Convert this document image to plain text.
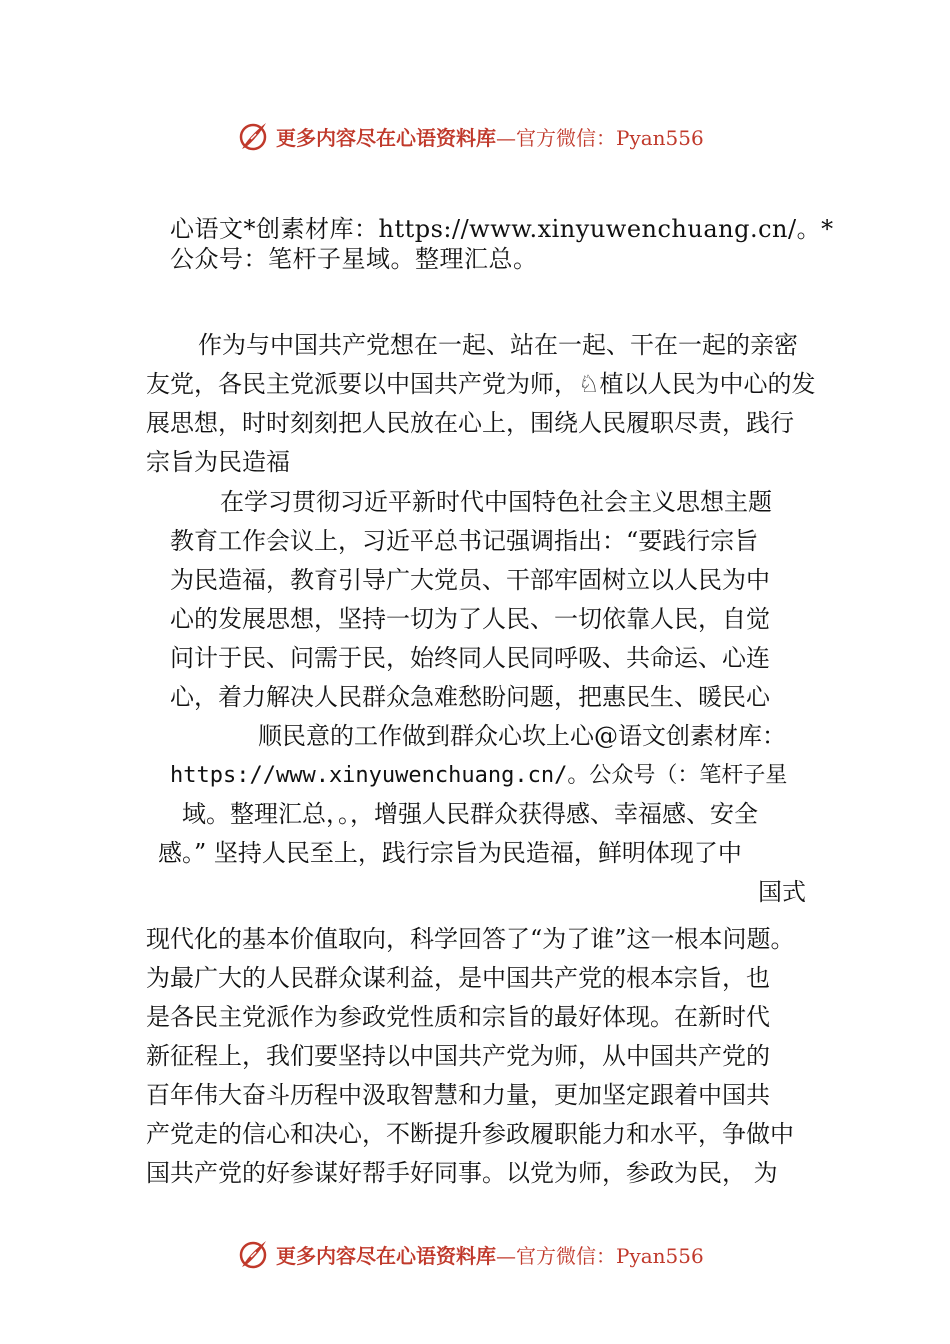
更多内容尽在心语资料库—官方微信：Pyan556
心语文*创素材库：https://www.xinyuwenchuang.cn/。*
公众号：笔杆子星域。整理汇总。

作为与中国共产党想在一起、站在一起、干在一起的亲密友党，各民主党派要以中国共产党为师，♘植以人民为中心的发展思想，时时刻刻把人民放在心上，围绕人民履职尽责，践行宗旨为民造福

在学习贯彻习近平新时代中国特色社会主义思想主题
教育工作会议上，习近平总书记强调指出：“要践行宗旨
为民造福，教育引导广大党员、干部牢固树立以人民为中
心的发展思想，坚持一切为了人民、一切依靠人民，自觉
问计于民、问需于民，始终同人民同呼吸、共命运、心连
心，着力解决人民群众急难愁盼问题，把惠民生、暖民心
顺民意的工作做到群众心坎上心@语文创素材库：
https://www.xinyuwenchuang.cn/。公众号（：笔杆子星
域。整理汇总，。，增强人民群众获得感、幸福感、安全
感。” 坚持人民至上，践行宗旨为民造福，鲜明体现了中
国式
现代化的基本价值取向，科学回答了“为了谁”这一根本问题。
为最广大的人民群众谋利益，是中国共产党的根本宗旨，也
是各民主党派作为参政党性质和宗旨的最好体现。在新时代
新征程上，我们要坚持以中国共产党为师，从中国共产党的
百年伟大奋斗历程中汲取智慧和力量，更加坚定跟着中国共
产党走的信心和决心，不断提升参政履职能力和水平，争做中
国共产党的好参谋好帮手好同事。以党为师，参政为民， 为
更多内容尽在心语资料库—官方微信：Pyan556
